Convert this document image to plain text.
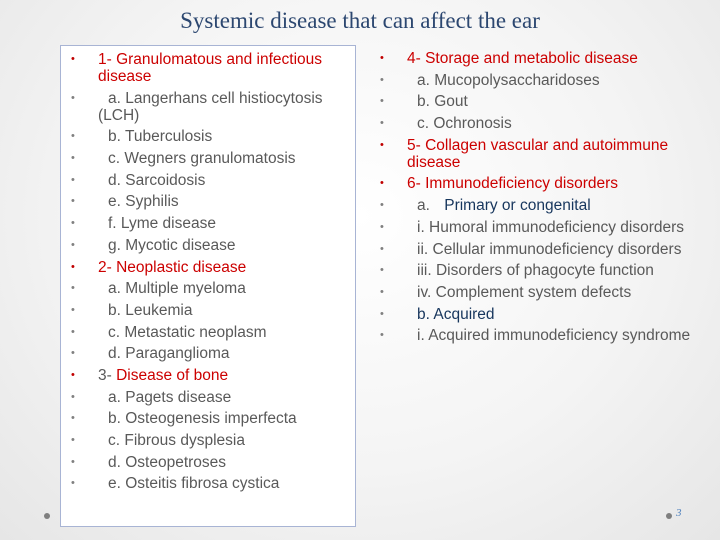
Systemic disease that can affect the ear
•	1- Granulomatous and infectious disease
•	a. Langerhans cell histiocytosis (LCH)
•	b. Tuberculosis
•	c. Wegners granulomatosis
•	d. Sarcoidosis
•	e. Syphilis
•	f. Lyme disease
•	g. Mycotic disease
•	2- Neoplastic disease
•	a. Multiple myeloma
•	b. Leukemia
•	c. Metastatic neoplasm
•	d. Paraganglioma
•	3- Disease of bone
•	a. Pagets disease
•	b. Osteogenesis imperfecta
•	c. Fibrous dysplesia
•	d. Osteopetroses
•	e. Osteitis fibrosa cystica
•	4- Storage and metabolic disease
•	a. Mucopolysaccharidoses
•	b. Gout
•	c. Ochronosis
•	5- Collagen vascular and autoimmune disease
•	6- Immunodeficiency disorders
•	a. Primary or congenital
•	i. Humoral immunodeficiency disorders
•	ii. Cellular immunodeficiency disorders
•	iii. Disorders of phagocyte function
•	iv. Complement system defects
•	b. Acquired
•	i. Acquired immunodeficiency syndrome
3
